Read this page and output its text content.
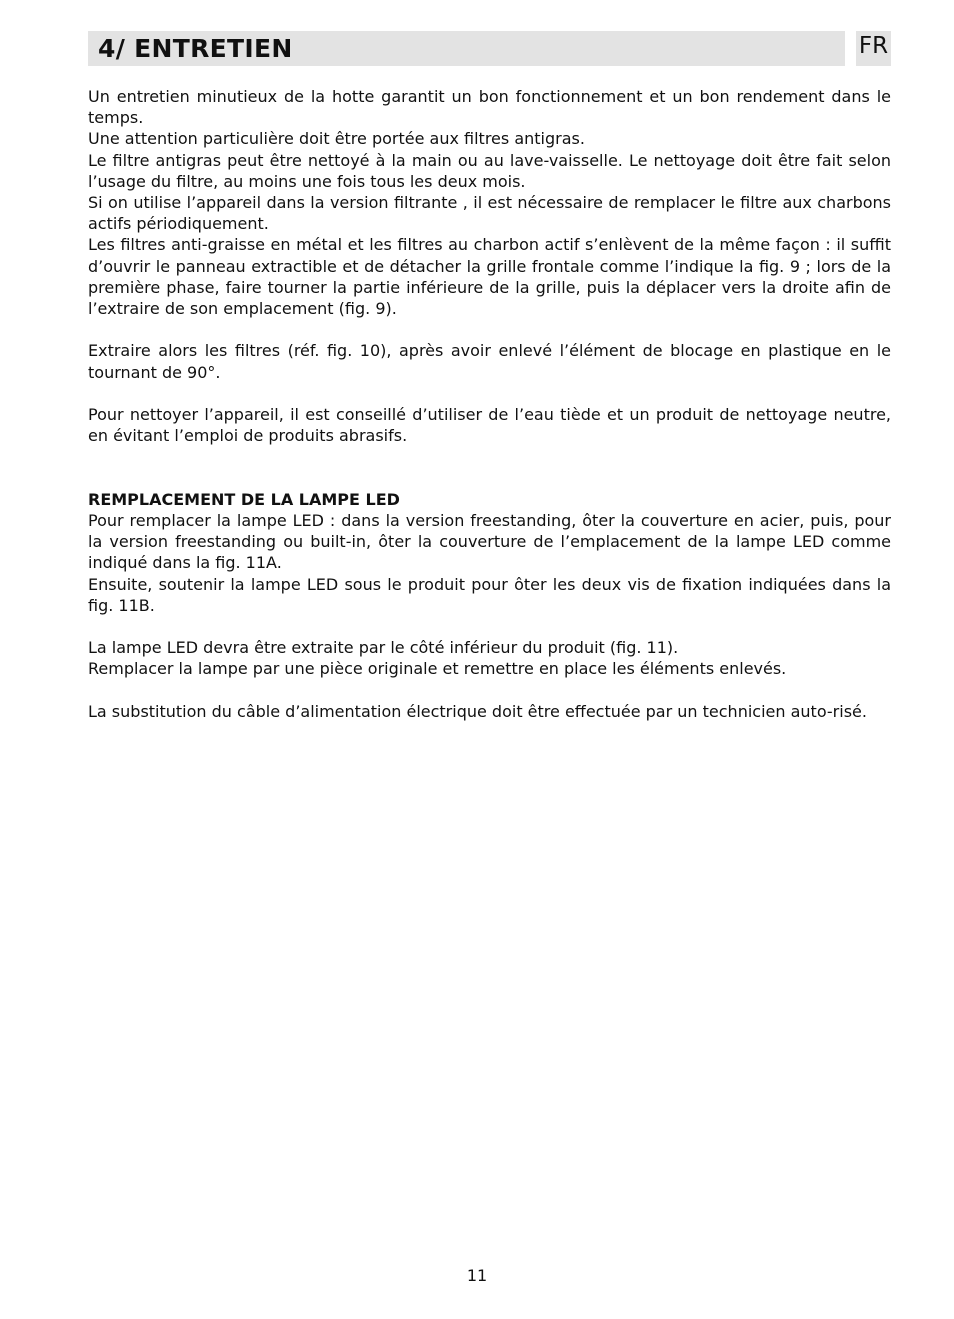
4/ ENTRETIEN	FR

Un entretien minutieux de la hotte garantit un bon fonctionnement et un bon rendement dans le temps.

Une attention particulière doit être portée aux filtres antigras.

Le filtre antigras peut être nettoyé à la main ou au lave-vaisselle. Le nettoyage doit être fait selon l’usage du filtre, au moins une fois tous les deux mois.

Si on utilise l’appareil dans la version filtrante , il est nécessaire de remplacer le filtre aux charbons actifs périodiquement.

Les filtres anti-graisse en métal et les filtres au charbon actif s’enlèvent de la même façon : il suffit d’ouvrir le panneau extractible et de détacher la grille frontale comme l’indique la fig. 9 ; lors de la première phase, faire tourner la partie inférieure de la grille, puis la déplacer vers la droite afin de l’extraire de son emplacement (fig. 9).

Extraire alors les filtres (réf. fig. 10), après avoir enlevé l’élément de blocage en plastique en le tournant de 90°.

Pour nettoyer l’appareil, il est conseillé d’utiliser de l’eau tiède et un produit de nettoyage neutre, en évitant l’emploi de produits abrasifs.

REMPLACEMENT DE LA LAMPE LED

Pour remplacer la lampe LED : dans la version freestanding, ôter la couverture en acier, puis, pour la version freestanding ou built-in, ôter la couverture de l’emplacement de la lampe LED comme indiqué dans la fig. 11A.

Ensuite, soutenir la lampe LED sous le produit pour ôter les deux vis de fixation indiquées dans la fig. 11B.

La lampe LED devra être extraite par le côté inférieur du produit (fig. 11).

Remplacer la lampe par une pièce originale et remettre en place les éléments enlevés.

La substitution du câble d’alimentation électrique doit être effectuée par un technicien auto-risé.

11
